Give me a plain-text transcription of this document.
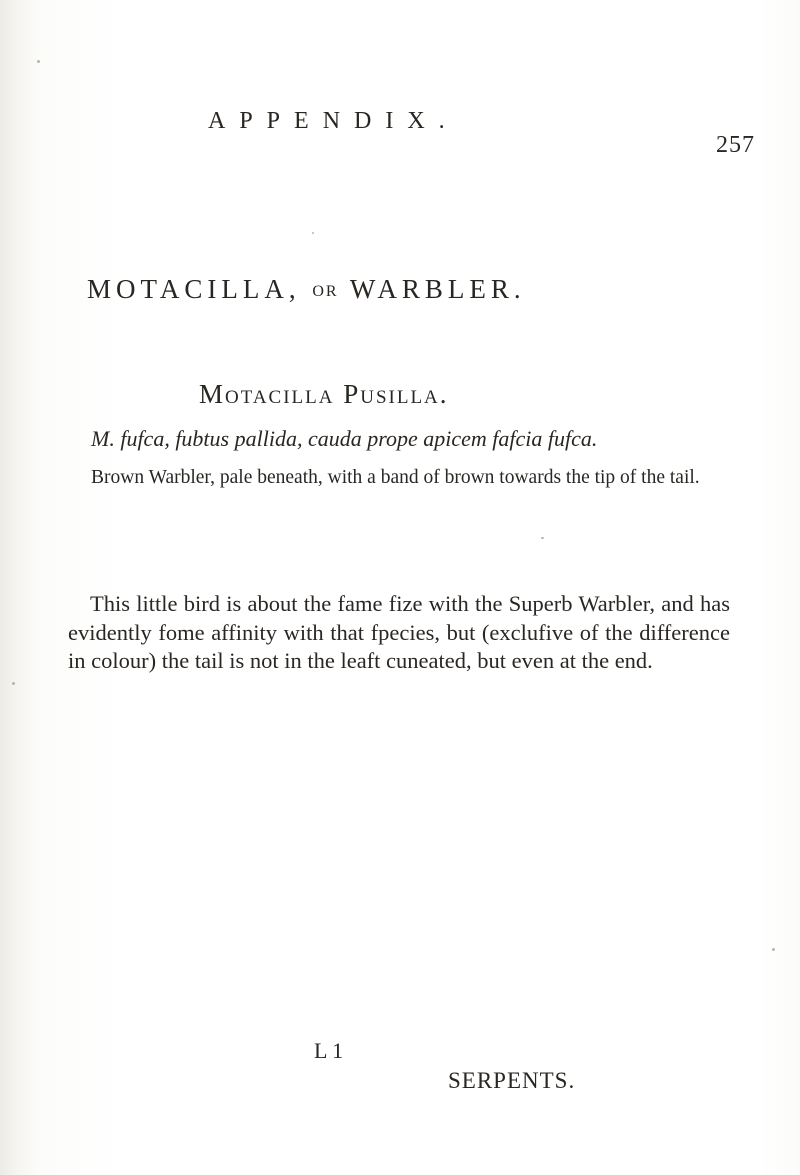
APPENDIX.
257
MOTACILLA, OR WARBLER.
Motacilla Pusilla.
M. fufca, fubtus pallida, cauda prope apicem fafcia fufca.
Brown Warbler, pale beneath, with a band of brown towards the tip of the tail.
This little bird is about the fame fize with the Superb Warbler, and has evidently fome affinity with that fpecies, but (exclufive of the difference in colour) the tail is not in the leaft cuneated, but even at the end.
L 1
SERPENTS.
